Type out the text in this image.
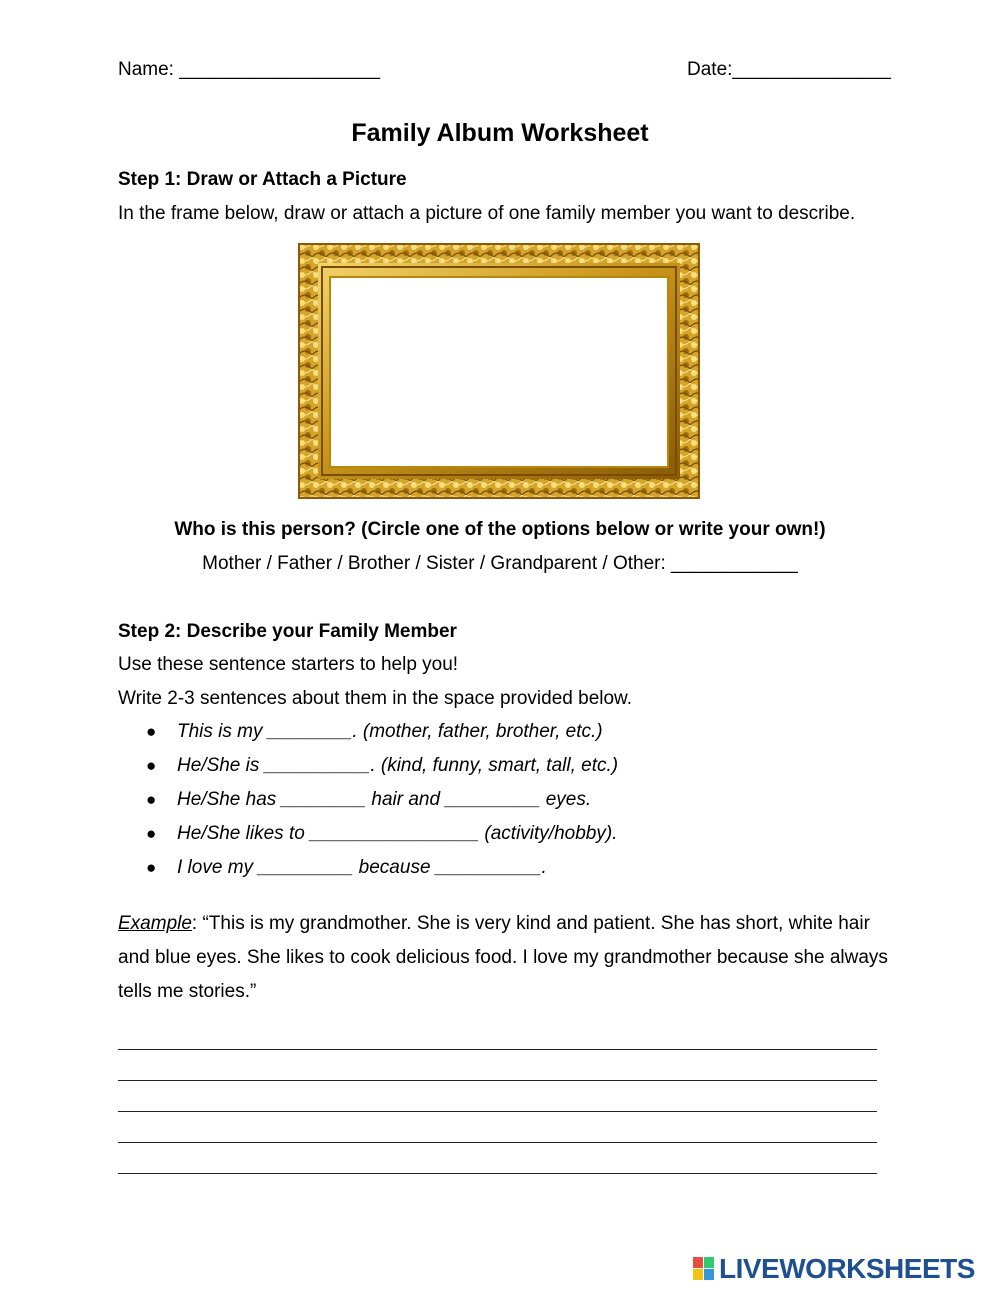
Name: ___________________	Date:_______________
Family Album Worksheet
Step 1: Draw or Attach a Picture
In the frame below, draw or attach a picture of one family member you want to describe.
Who is this person? (Circle one of the options below or write your own!)
Mother / Father / Brother / Sister / Grandparent / Other: ____________
Step 2: Describe your Family Member
Use these sentence starters to help you!
Write 2-3 sentences about them in the space provided below.
● This is my ________. (mother, father, brother, etc.)
● He/She is __________. (kind, funny, smart, tall, etc.)
● He/She has ________ hair and _________ eyes.
● He/She likes to ________________ (activity/hobby).
● I love my _________ because __________.
Example: “This is my grandmother. She is very kind and patient. She has short, white hair and blue eyes. She likes to cook delicious food. I love my grandmother because she always tells me stories.”
LIVEWORKSHEETS
